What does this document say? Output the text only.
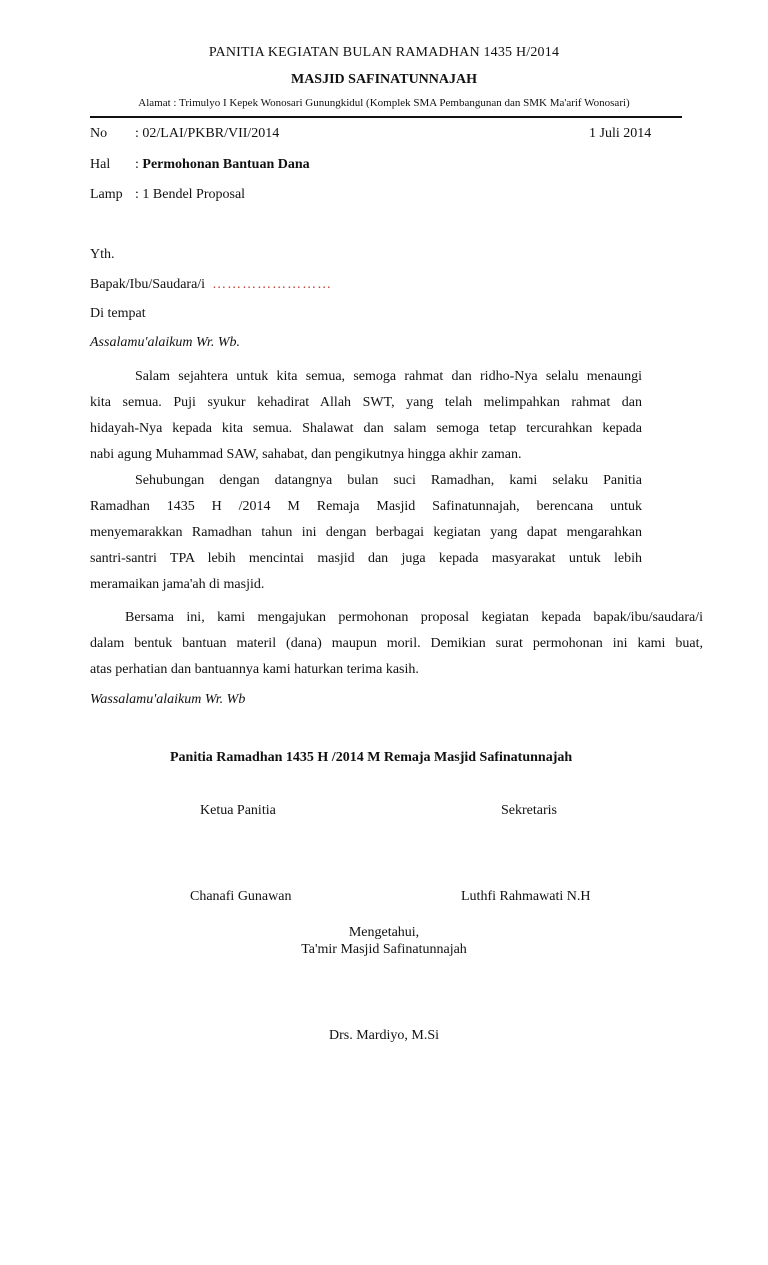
PANITIA KEGIATAN BULAN RAMADHAN 1435 H/2014
MASJID SAFINATUNNAJAH
Alamat : Trimulyo I Kepek Wonosari Gunungkidul (Komplek SMA Pembangunan dan SMK Ma'arif Wonosari)
No : 02/LAI/PKBR/VII/2014	1 Juli 2014
Hal : Permohonan Bantuan Dana
Lamp : 1 Bendel Proposal
Yth.
Bapak/Ibu/Saudara/i ……………………
Di tempat
Assalamu'alaikum Wr. Wb.
Salam sejahtera untuk kita semua, semoga rahmat dan ridho-Nya selalu menaungi
kita semua. Puji syukur kehadirat Allah SWT, yang telah melimpahkan rahmat dan
hidayah-Nya kepada kita semua. Shalawat dan salam semoga tetap tercurahkan kepada
nabi agung Muhammad SAW, sahabat, dan pengikutnya hingga akhir zaman.
Sehubungan dengan datangnya bulan suci Ramadhan, kami selaku Panitia
Ramadhan 1435 H /2014 M Remaja Masjid Safinatunnajah, berencana untuk
menyemarakkan Ramadhan tahun ini dengan berbagai kegiatan yang dapat mengarahkan
santri-santri TPA lebih mencintai masjid dan juga kepada masyarakat untuk lebih
meramaikan jama'ah di masjid.
Bersama ini, kami mengajukan permohonan proposal kegiatan kepada bapak/ibu/saudara/i
dalam bentuk bantuan materil (dana) maupun moril. Demikian surat permohonan ini kami buat,
atas perhatian dan bantuannya kami haturkan terima kasih.
Wassalamu'alaikum Wr. Wb
Panitia Ramadhan 1435 H /2014 M Remaja Masjid Safinatunnajah
Ketua Panitia	Sekretaris
Chanafi Gunawan	Luthfi Rahmawati N.H
Mengetahui,
Ta'mir Masjid Safinatunnajah
Drs. Mardiyo, M.Si
